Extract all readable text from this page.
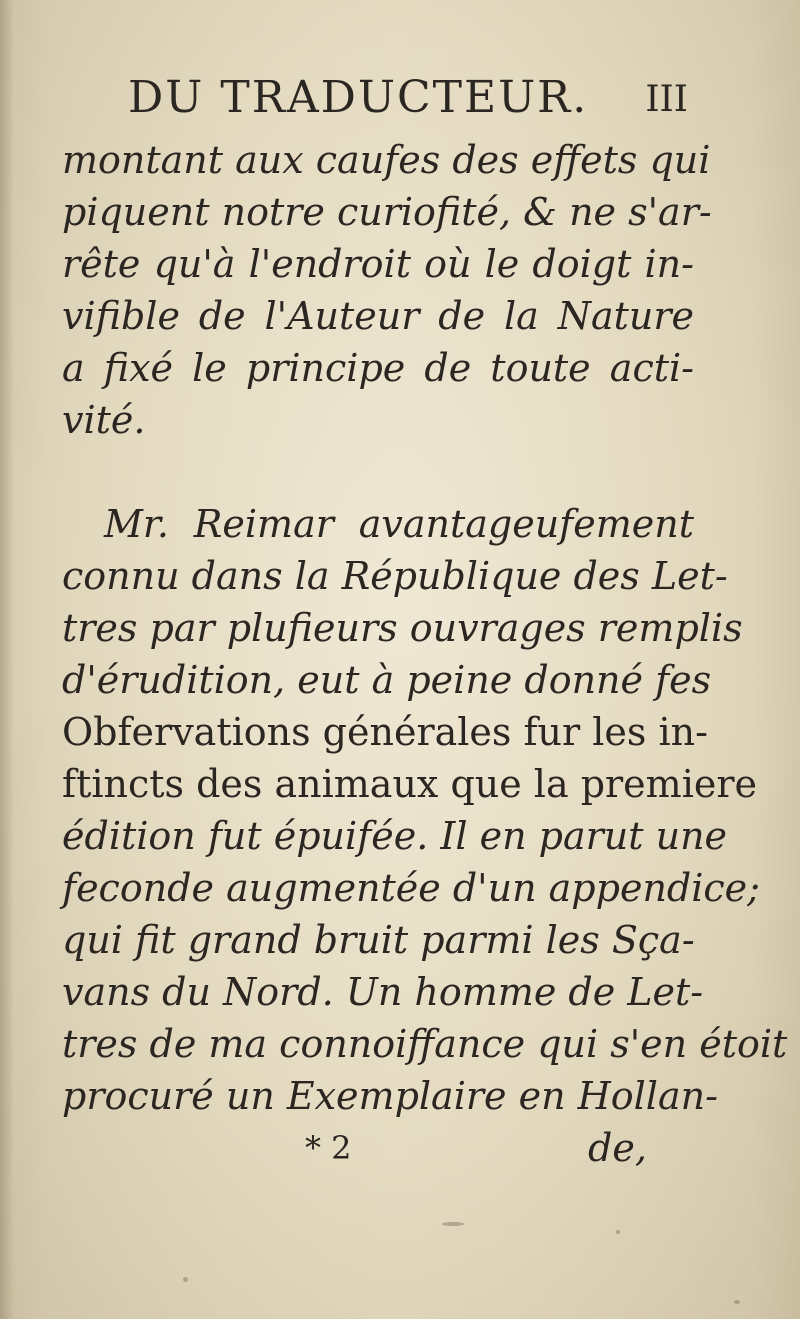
DU TRADUCTEUR. III
montant aux caufes des effets qui
piquent notre curiofité, & ne s'ar-
rête qu'à l'endroit où le doigt in-
vifible de l'Auteur de la Nature
a fixé le principe de toute acti-
vité.
Mr. Reimar avantageufement
connu dans la République des Let-
tres par plufieurs ouvrages remplis
d'érudition, eut à peine donné fes
Obfervations générales fur les in-
ftincts des animaux que la premiere
édition fut épuifée. Il en parut une
feconde augmentée d'un appendice;
qui fit grand bruit parmi les Sça-
vans du Nord. Un homme de Let-
tres de ma connoiffance qui s'en étoit
procuré un Exemplaire en Hollan-
* 2	de,
